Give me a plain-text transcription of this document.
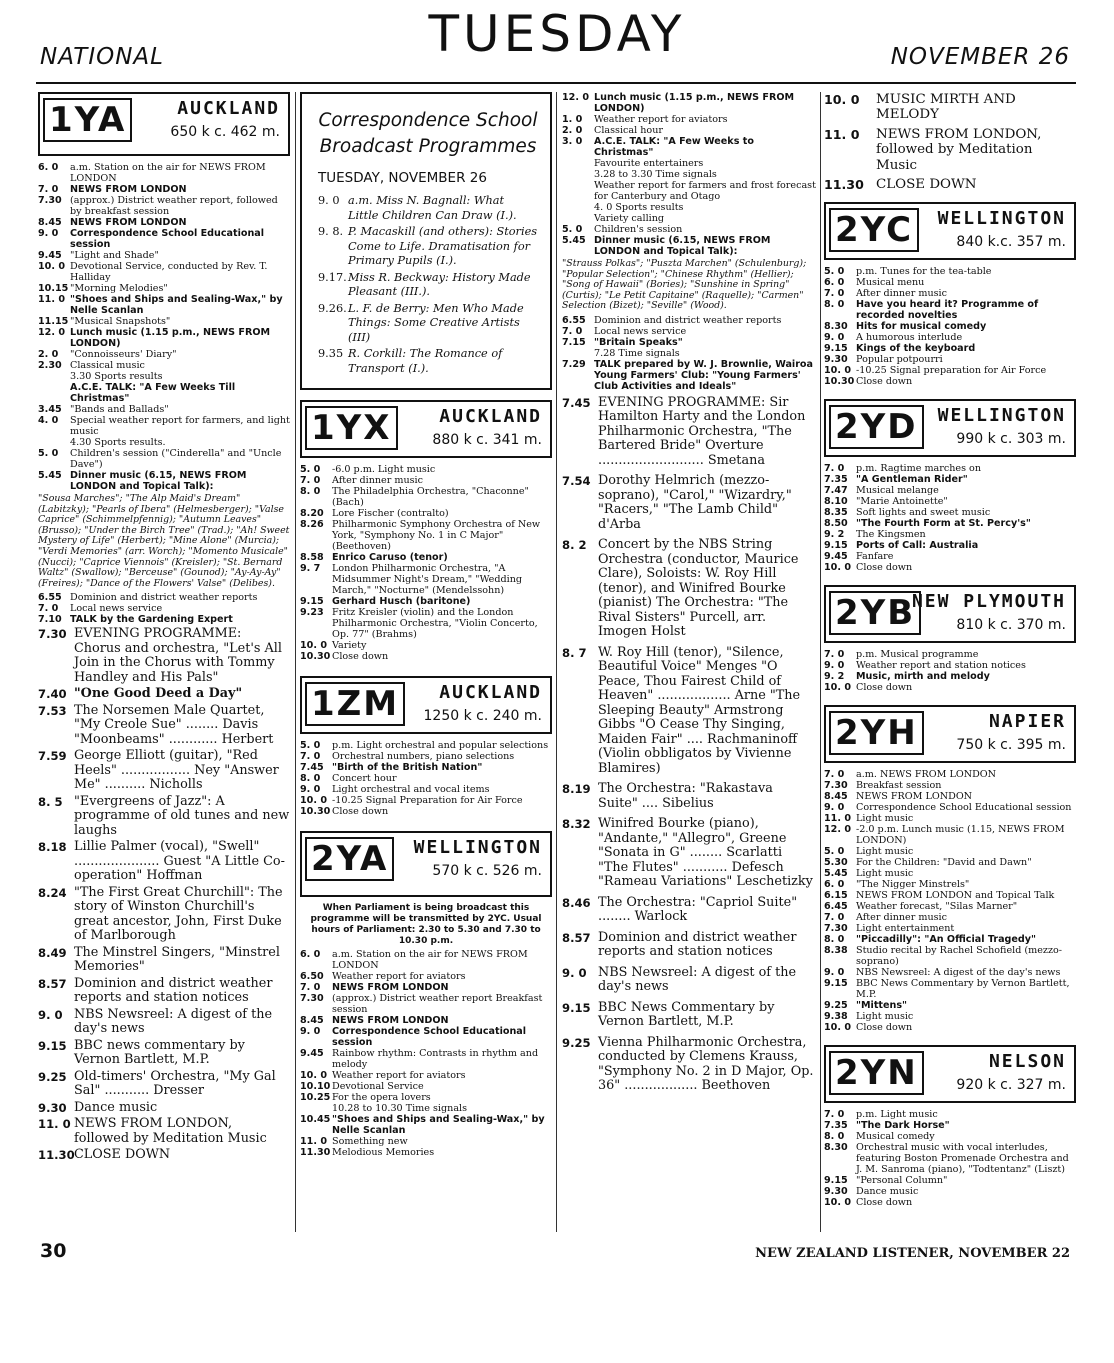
NATIONAL	TUESDAY	NOVEMBER 26
1YA	AUCKLAND
650 k c. 462 m.
6. 0	a.m. Station on the air for NEWS FROM LONDON
7. 0	NEWS FROM LONDON
7.30 (approx.) District weather report, followed by breakfast session
8.45 NEWS FROM LONDON
9. 0	Correspondence School Educational session
9.45 "Light and Shade"
10. 0 Devotional Service, conducted by Rev. T. Halliday
10.15 "Morning Melodies"
11. 0 "Shoes and Ships and Sealing-Wax," by Nelle Scanlan
11.15 "Musical Snapshots"
12. 0 Lunch music (1.15 p.m., NEWS FROM LONDON)
2. 0	"Connoisseurs' Diary"
2.30 Classical music
3.30 Sports results
A.C.E. TALK: "A Few Weeks Till Christmas"
3.45 "Bands and Ballads"
4. 0	Special weather report for farmers, and light music
4.30 Sports results.
5. 0	Children's session ("Cinderella" and "Uncle Dave")
5.45 Dinner music (6.15, NEWS FROM LONDON and Topical Talk):
"Sousa Marches"; "The Alp Maid's Dream" (Labitzky); "Pearls of Ibera" (Helmesberger); "Valse Caprice" (Schimmelpfennig); "Autumn Leaves" (Brusso); "Under the Birch Tree" (Trad.); "Ah! Sweet Mystery of Life" (Herbert); "Mine Alone" (Murcia); "Verdi Memories" (arr. Worch); "Momento Musicale" (Nucci); "Caprice Viennois" (Kreisler); "St. Bernard Waltz" (Swallow); "Berceuse" (Gounod); "Ay-Ay-Ay" (Freires); "Dance of the Flowers' Valse" (Delibes).
6.55 Dominion and district weather reports
7. 0	Local news service
7.10 TALK by the Gardening Expert
7.30 EVENING PROGRAMME: Chorus and orchestra, "Let's All Join in the Chorus with Tommy Handley and His Pals"
7.40 "One Good Deed a Day"
7.53 The Norsemen Male Quartet, "My Creole Sue" ........ Davis "Moonbeams" ............ Herbert
7.59 George Elliott (guitar), "Red Heels" ................. Ney "Answer Me" .......... Nicholls
8. 5 "Evergreens of Jazz": A programme of old tunes and new laughs
8.18 Lillie Palmer (vocal), "Swell" ..................... Guest "A Little Co-operation" Hoffman
8.24 "The First Great Churchill": The story of Winston Churchill's great ancestor, John, First Duke of Marlborough
8.49 The Minstrel Singers, "Minstrel Memories"
8.57 Dominion and district weather reports and station notices
9. 0 NBS Newsreel: A digest of the day's news
9.15 BBC news commentary by Vernon Bartlett, M.P.
9.25 Old-timers' Orchestra, "My Gal Sal" ........... Dresser
9.30 Dance music
11. 0 NEWS FROM LONDON, followed by Meditation Music
11.30 CLOSE DOWN
Correspondence School
Broadcast Programmes
TUESDAY, NOVEMBER 26
9. 0 a.m. Miss N. Bagnall: What Little Children Can Draw (I.).
9. 8. P. Macaskill (and others): Stories Come to Life. Dramatisation for Primary Pupils (I.).
9.17. Miss R. Beckway: History Made Pleasant (III.).
9.26. L. F. de Berry: Men Who Made Things: Some Creative Artists (III)
9.35 R. Corkill: The Romance of Transport (I.).
1YX	AUCKLAND
880 k c. 341 m.
5. 0	-6.0 p.m. Light music
7. 0	After dinner music
8. 0	The Philadelphia Orchestra, "Chaconne" (Bach)
8.20 Lore Fischer (contralto)
8.26 Philharmonic Symphony Orchestra of New York, "Symphony No. 1 in C Major" (Beethoven)
8.58 Enrico Caruso (tenor)
9. 7	London Philharmonic Orchestra, "A Midsummer Night's Dream," "Wedding March," "Nocturne" (Mendelssohn)
9.15 Gerhard Husch (baritone)
9.23 Fritz Kreisler (violin) and the London Philharmonic Orchestra, "Violin Concerto, Op. 77" (Brahms)
10. 0 Variety
10.30 Close down
1ZM	AUCKLAND
1250 k c. 240 m.
5. 0	p.m. Light orchestral and popular selections
7. 0	Orchestral numbers, piano selections
7.45 "Birth of the British Nation"
8. 0	Concert hour
9. 0	Light orchestral and vocal items
10. 0 -10.25 Signal Preparation for Air Force
10.30 Close down
2YA	WELLINGTON
570 k c. 526 m.
When Parliament is being broadcast this programme will be transmitted by 2YC. Usual hours of Parliament: 2.30 to 5.30 and 7.30 to 10.30 p.m.
6. 0	a.m. Station on the air for NEWS FROM LONDON
6.50 Weather report for aviators
7. 0	NEWS FROM LONDON
7.30 (approx.) District weather report Breakfast session
8.45 NEWS FROM LONDON
9. 0	Correspondence School Educational session
9.45 Rainbow rhythm: Contrasts in rhythm and melody
10. 0 Weather report for aviators
10.10 Devotional Service
10.25 For the opera lovers
10.28 to 10.30 Time signals
10.45 "Shoes and Ships and Sealing-Wax," by Nelle Scanlan
11. 0 Something new
11.30 Melodious Memories
12. 0 Lunch music (1.15 p.m., NEWS FROM LONDON)
1. 0	Weather report for aviators
2. 0	Classical hour
3. 0	A.C.E. TALK: "A Few Weeks to Christmas"
Favourite entertainers
3.28 to 3.30 Time signals
Weather report for farmers and frost forecast for Canterbury and Otago
4. 0 Sports results
Variety calling
5. 0	Children's session
5.45 Dinner music (6.15, NEWS FROM LONDON and Topical Talk):
"Strauss Polkas"; "Puszta Marchen" (Schulenburg); "Popular Selection"; "Chinese Rhythm" (Hellier); "Song of Hawaii" (Bories); "Sunshine in Spring" (Curtis); "Le Petit Capitaine" (Raquelle); "Carmen" Selection (Bizet); "Seville" (Wood).
6.55 Dominion and district weather reports
7. 0	Local news service
7.15 "Britain Speaks"
7.28 Time signals
7.29 TALK prepared by W. J. Brownlie, Wairoa Young Farmers' Club: "Young Farmers' Club Activities and Ideals"
7.45 EVENING PROGRAMME: Sir Hamilton Harty and the London Philharmonic Orchestra, "The Bartered Bride" Overture .......................... Smetana
7.54 Dorothy Helmrich (mezzo-soprano), "Carol," "Wizardry," "Racers," "The Lamb Child" d'Arba
8. 2 Concert by the NBS String Orchestra (conductor, Maurice Clare), Soloists: W. Roy Hill (tenor), and Winifred Bourke (pianist) The Orchestra: "The Rival Sisters" Purcell, arr. Imogen Holst
8. 7 W. Roy Hill (tenor), "Silence, Beautiful Voice" Menges "O Peace, Thou Fairest Child of Heaven" .................. Arne "The Sleeping Beauty" Armstrong Gibbs "O Cease Thy Singing, Maiden Fair" .... Rachmaninoff (Violin obbligatos by Vivienne Blamires)
8.19 The Orchestra: "Rakastava Suite" .... Sibelius
8.32 Winifred Bourke (piano), "Andante," "Allegro", Greene "Sonata in G" ........ Scarlatti "The Flutes" ........... Defesch "Rameau Variations" Leschetizky
8.46 The Orchestra: "Capriol Suite" ........ Warlock
8.57 Dominion and district weather reports and station notices
9. 0 NBS Newsreel: A digest of the day's news
9.15 BBC News Commentary by Vernon Bartlett, M.P.
9.25 Vienna Philharmonic Orchestra, conducted by Clemens Krauss, "Symphony No. 2 in D Major, Op. 36" .................. Beethoven
10. 0	MUSIC MIRTH AND MELODY
11. 0	NEWS FROM LONDON, followed by Meditation Music
11.30 CLOSE DOWN
2YC	WELLINGTON
840 k.c. 357 m.
5. 0	p.m. Tunes for the tea-table
6. 0	Musical menu
7. 0	After dinner music
8. 0	Have you heard it? Programme of recorded novelties
8.30 Hits for musical comedy
9. 0	A humorous interlude
9.15 Kings of the keyboard
9.30 Popular potpourri
10. 0 -10.25 Signal preparation for Air Force
10.30 Close down
2YD	WELLINGTON
990 k c. 303 m.
7. 0	p.m. Ragtime marches on
7.35 "A Gentleman Rider"
7.47 Musical melange
8.10 "Marie Antoinette"
8.35 Soft lights and sweet music
8.50 "The Fourth Form at St. Percy's"
9. 2	The Kingsmen
9.15 Ports of Call: Australia
9.45 Fanfare
10. 0 Close down
2YB
NEW PLYMOUTH
810 k c. 370 m.
7. 0	p.m. Musical programme
9. 0	Weather report and station notices
9. 2	Music, mirth and melody
10. 0 Close down
2YH	NAPIER
750 k c. 395 m.
7. 0	a.m. NEWS FROM LONDON
7.30 Breakfast session
8.45 NEWS FROM LONDON
9. 0	Correspondence School Educational session
11. 0 Light music
12. 0 -2.0 p.m. Lunch music (1.15, NEWS FROM LONDON)
5. 0	Light music
5.30 For the Children: "David and Dawn"
5.45 Light music
6. 0	"The Nigger Minstrels"
6.15 NEWS FROM LONDON and Topical Talk
6.45 Weather forecast, "Silas Marner"
7. 0	After dinner music
7.30 Light entertainment
8. 0	"Piccadilly": "An Official Tragedy"
8.38 Studio recital by Rachel Schofield (mezzo-soprano)
9. 0	NBS Newsreel: A digest of the day's news
9.15 BBC News Commentary by Vernon Bartlett, M.P.
9.25 "Mittens"
9.38 Light music
10. 0 Close down
2YN	NELSON
920 k c. 327 m.
7. 0	p.m. Light music
7.35 "The Dark Horse"
8. 0	Musical comedy
8.30 Orchestral music with vocal interludes, featuring Boston Promenade Orchestra and J. M. Sanroma (piano), "Todtentanz" (Liszt)
9.15 "Personal Column"
9.30 Dance music
10. 0 Close down
30	NEW ZEALAND LISTENER, NOVEMBER 22
